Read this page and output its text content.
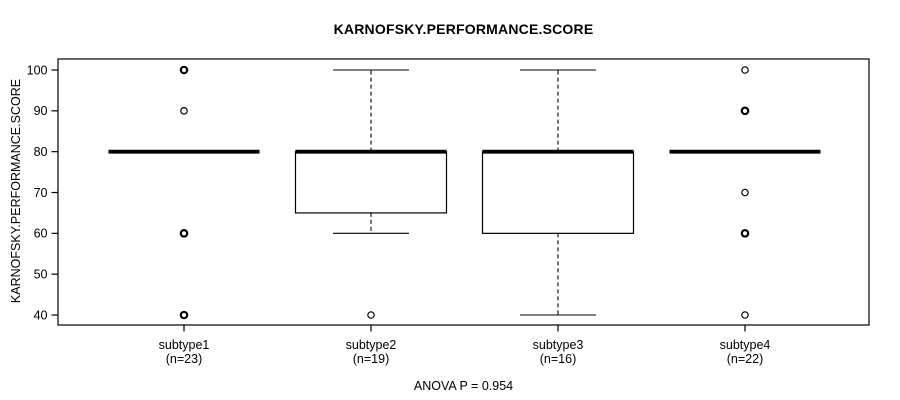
KARNOFSKY.PERFORMANCE.SCORE
KARNOFSKY.PERFORMANCE.SCORE
40
50
60
70
80
90
100
subtype1
(n=23)
subtype2
(n=19)
subtype3
(n=16)
subtype4
(n=22)
ANOVA P = 0.954
